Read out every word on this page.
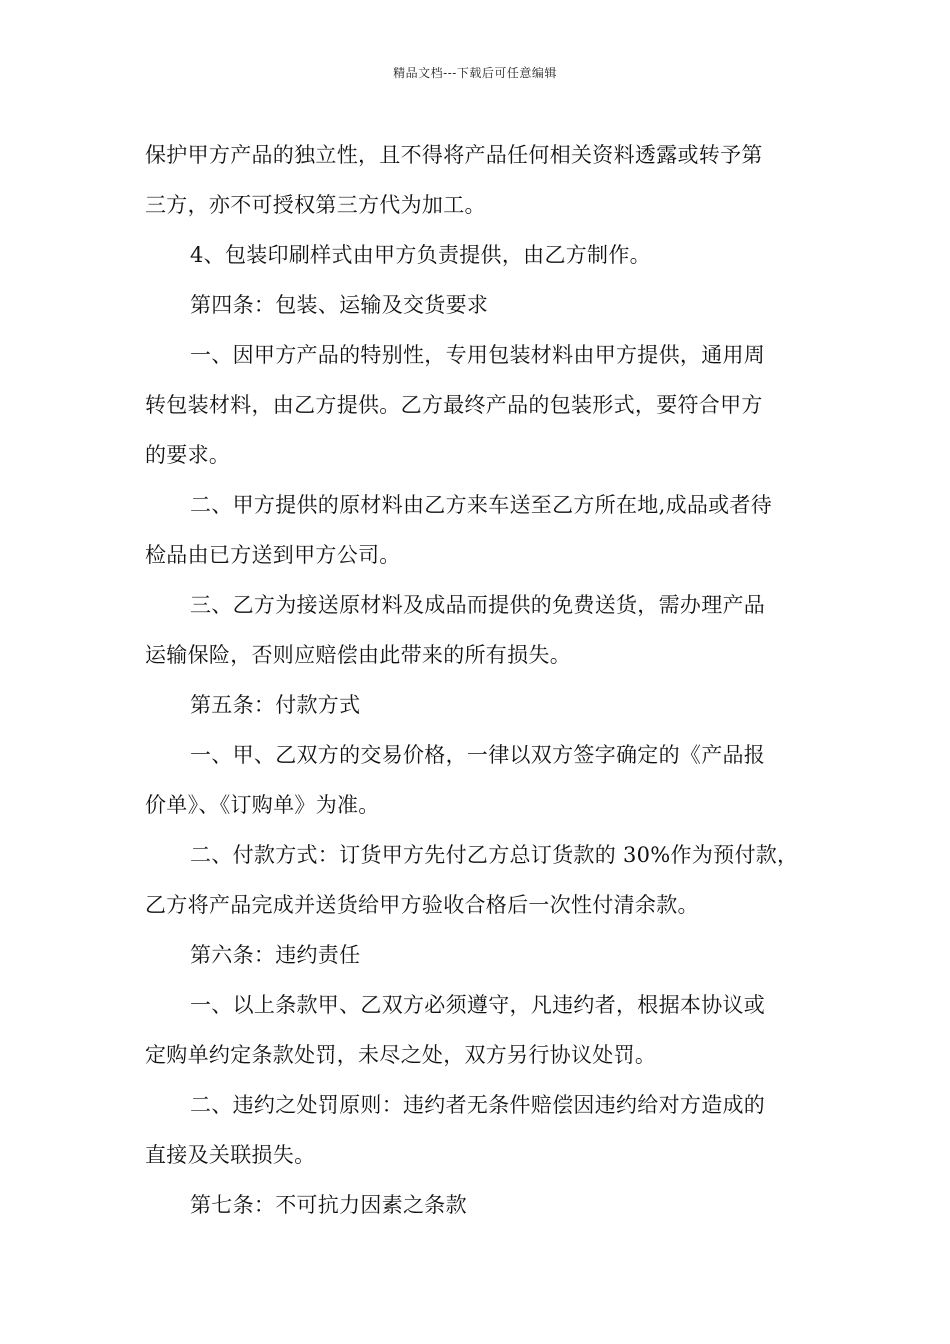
精品文档---下载后可任意编辑
保护甲方产品的独立性，且不得将产品任何相关资料透露或转予第
三方，亦不可授权第三方代为加工。
4、包装印刷样式由甲方负责提供，由乙方制作。
第四条：包装、运输及交货要求
一、因甲方产品的特别性，专用包装材料由甲方提供，通用周
转包装材料，由乙方提供。乙方最终产品的包装形式，要符合甲方
的要求。
二、甲方提供的原材料由乙方来车送至乙方所在地,成品或者待
检品由已方送到甲方公司。
三、乙方为接送原材料及成品而提供的免费送货，需办理产品
运输保险，否则应赔偿由此带来的所有损失。
第五条：付款方式
一、甲、乙双方的交易价格，一律以双方签字确定的《产品报
价单》、《订购单》为准。
二、付款方式：订货甲方先付乙方总订货款的 30%作为预付款，
乙方将产品完成并送货给甲方验收合格后一次性付清余款。
第六条：违约责任
一、以上条款甲、乙双方必须遵守，凡违约者，根据本协议或
定购单约定条款处罚，未尽之处，双方另行协议处罚。
二、违约之处罚原则：违约者无条件赔偿因违约给对方造成的
直接及关联损失。
第七条：不可抗力因素之条款
